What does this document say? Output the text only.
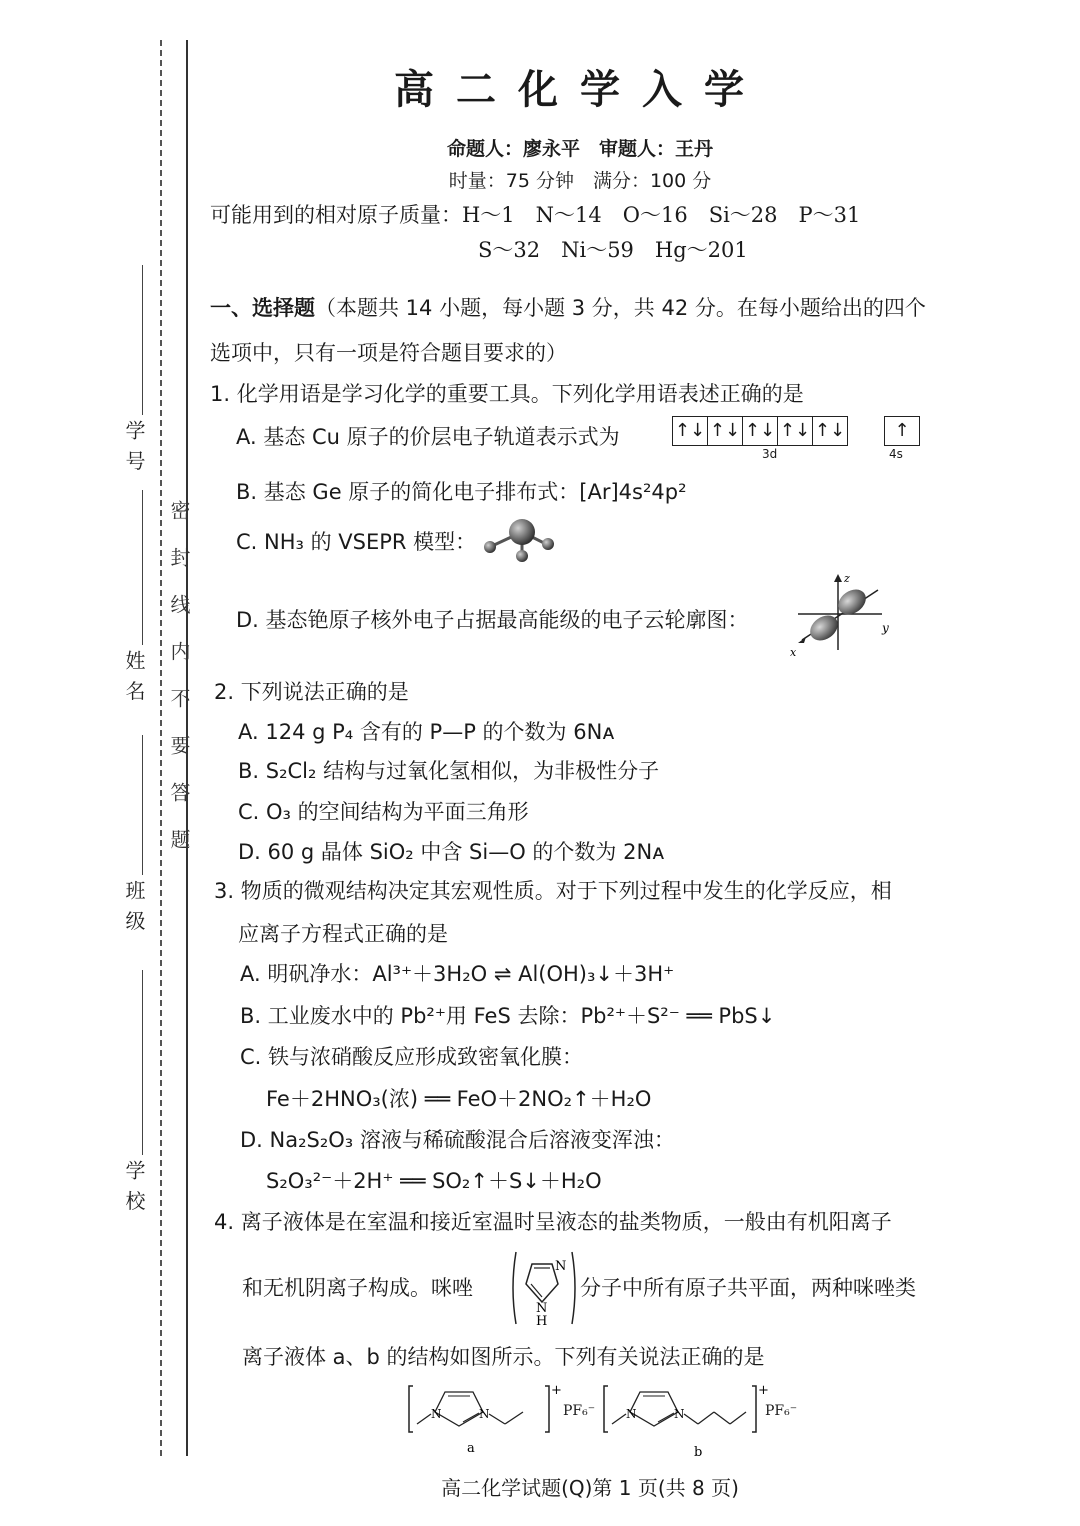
学 号
姓 名
班 级
学 校
密封线内不要答题
高二化学入学
命题人：廖永平　审题人：王丹
时量：75 分钟　满分：100 分
可能用到的相对原子质量：H～1　N～14　O～16　Si～28　P～31
S～32　Ni～59　Hg～201
一、选择题（本题共 14 小题，每小题 3 分，共 42 分。在每小题给出的四个
选项中，只有一项是符合题目要求的）
1. 化学用语是学习化学的重要工具。下列化学用语表述正确的是
A. 基态 Cu 原子的价层电子轨道表示式为	↑↓ ↑↓ ↑↓ ↑↓ ↑↓	↑
3d	4s
B. 基态 Ge 原子的简化电子排布式：[Ar]4s²4p²
C. NH₃ 的 VSEPR 模型：
D. 基态铯原子核外电子占据最高能级的电子云轮廓图：
z
y
x
2. 下列说法正确的是
A. 124 g P₄ 含有的 P—P 的个数为 6Nᴀ
B. S₂Cl₂ 结构与过氧化氢相似，为非极性分子
C. O₃ 的空间结构为平面三角形
D. 60 g 晶体 SiO₂ 中含 Si—O 的个数为 2Nᴀ
3. 物质的微观结构决定其宏观性质。对于下列过程中发生的化学反应，相
应离子方程式正确的是
A. 明矾净水：Al³⁺＋3H₂O ⇌ Al(OH)₃↓＋3H⁺
B. 工业废水中的 Pb²⁺用 FeS 去除：Pb²⁺＋S²⁻ ══ PbS↓
C. 铁与浓硝酸反应形成致密氧化膜：
Fe＋2HNO₃(浓) ══ FeO＋2NO₂↑＋H₂O
D. Na₂S₂O₃ 溶液与稀硫酸混合后溶液变浑浊：
S₂O₃²⁻＋2H⁺ ══ SO₂↑＋S↓＋H₂O
4. 离子液体是在室温和接近室温时呈液态的盐类物质，一般由有机阳离子
和无机阴离子构成。咪唑
N
N
H
分子中所有原子共平面，两种咪唑类
离子液体 a、b 的结构如图所示。下列有关说法正确的是
N	N
+
a
PF₆⁻	N	N
+
b
PF₆⁻
高二化学试题(Q)第 1 页(共 8 页)
